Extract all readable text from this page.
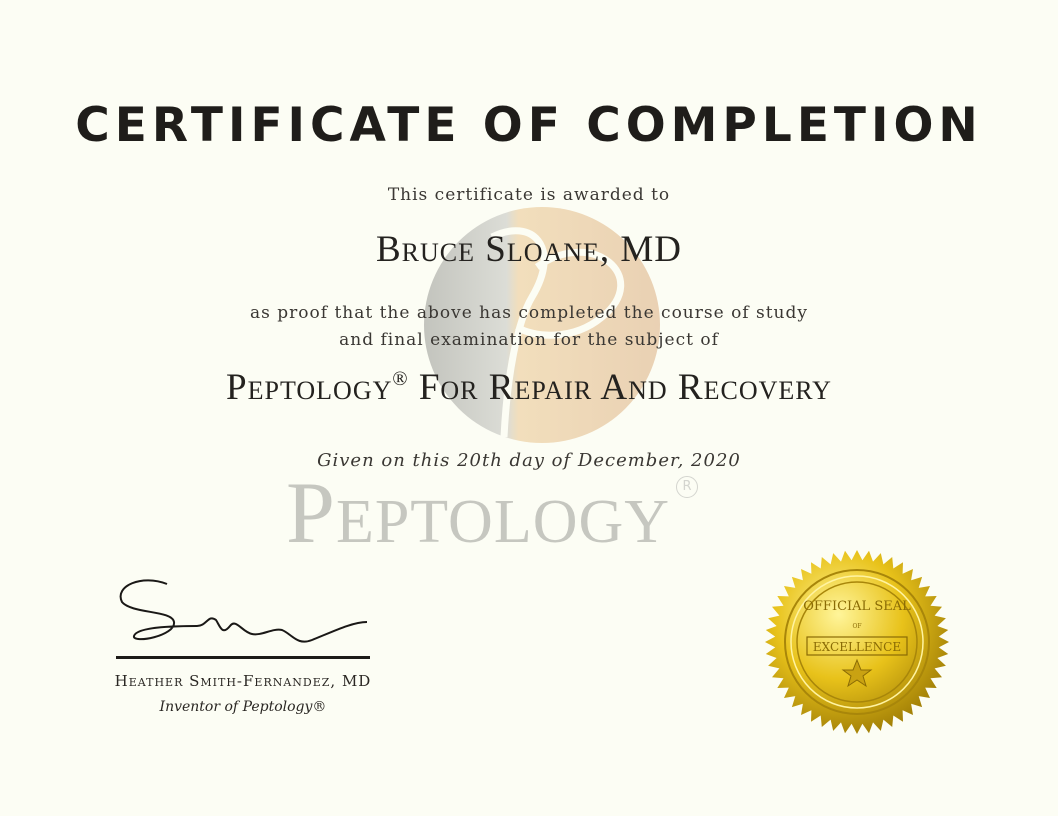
CERTIFICATE OF COMPLETION
This certificate is awarded to
Bruce Sloane, MD
as proof that the above has completed the course of study
and final examination for the subject of
Peptology® For Repair And Recovery
Given on this 20th day of December, 2020
Peptology R
Heather Smith-Fernandez, MD
Inventor of Peptology®
OFFICIAL SEAL
OF
EXCELLENCE
